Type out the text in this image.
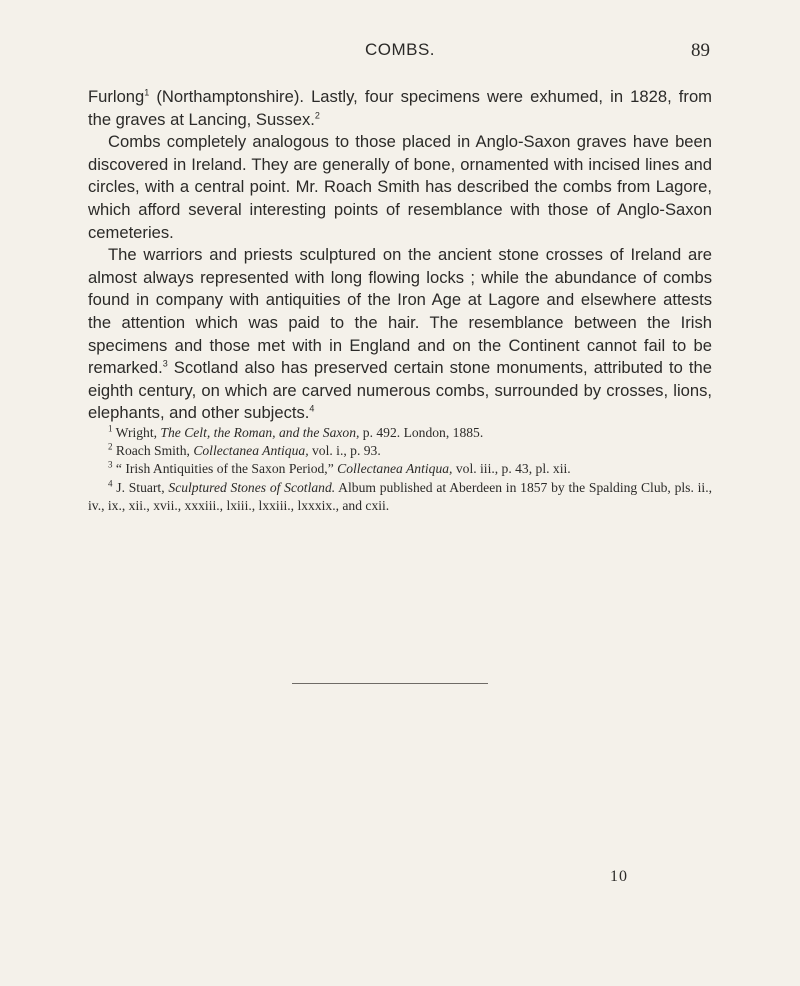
COMBS.	89

Furlong$^1$ (Northamptonshire). Lastly, four specimens were exhumed, in 1828, from the graves at Lancing, Sussex.$^2$

Combs completely analogous to those placed in Anglo-Saxon graves have been discovered in Ireland. They are generally of bone, ornamented with incised lines and circles, with a central point. Mr. Roach Smith has described the combs from Lagore, which afford several interesting points of resemblance with those of Anglo-Saxon cemeteries.

The warriors and priests sculptured on the ancient stone crosses of Ireland are almost always represented with long flowing locks ; while the abundance of combs found in company with antiquities of the Iron Age at Lagore and elsewhere attests the attention which was paid to the hair. The resemblance between the Irish specimens and those met with in England and on the Continent cannot fail to be remarked.$^3$ Scotland also has preserved certain stone monuments, attributed to the eighth century, on which are carved numerous combs, surrounded by crosses, lions, elephants, and other subjects.$^4$

$^1$ Wright, The Celt, the Roman, and the Saxon, p. 492. London, 1885.

$^2$ Roach Smith, Collectanea Antiqua, vol. i., p. 93.

$^3$ “ Irish Antiquities of the Saxon Period,” Collectanea Antiqua, vol. iii., p. 43, pl. xii.

$^4$ J. Stuart, Sculptured Stones of Scotland. Album published at Aberdeen in 1857 by the Spalding Club, pls. ii., iv., ix., xii., xvii., xxxiii., lxiii., lxxiii., lxxxix., and cxii.

10
